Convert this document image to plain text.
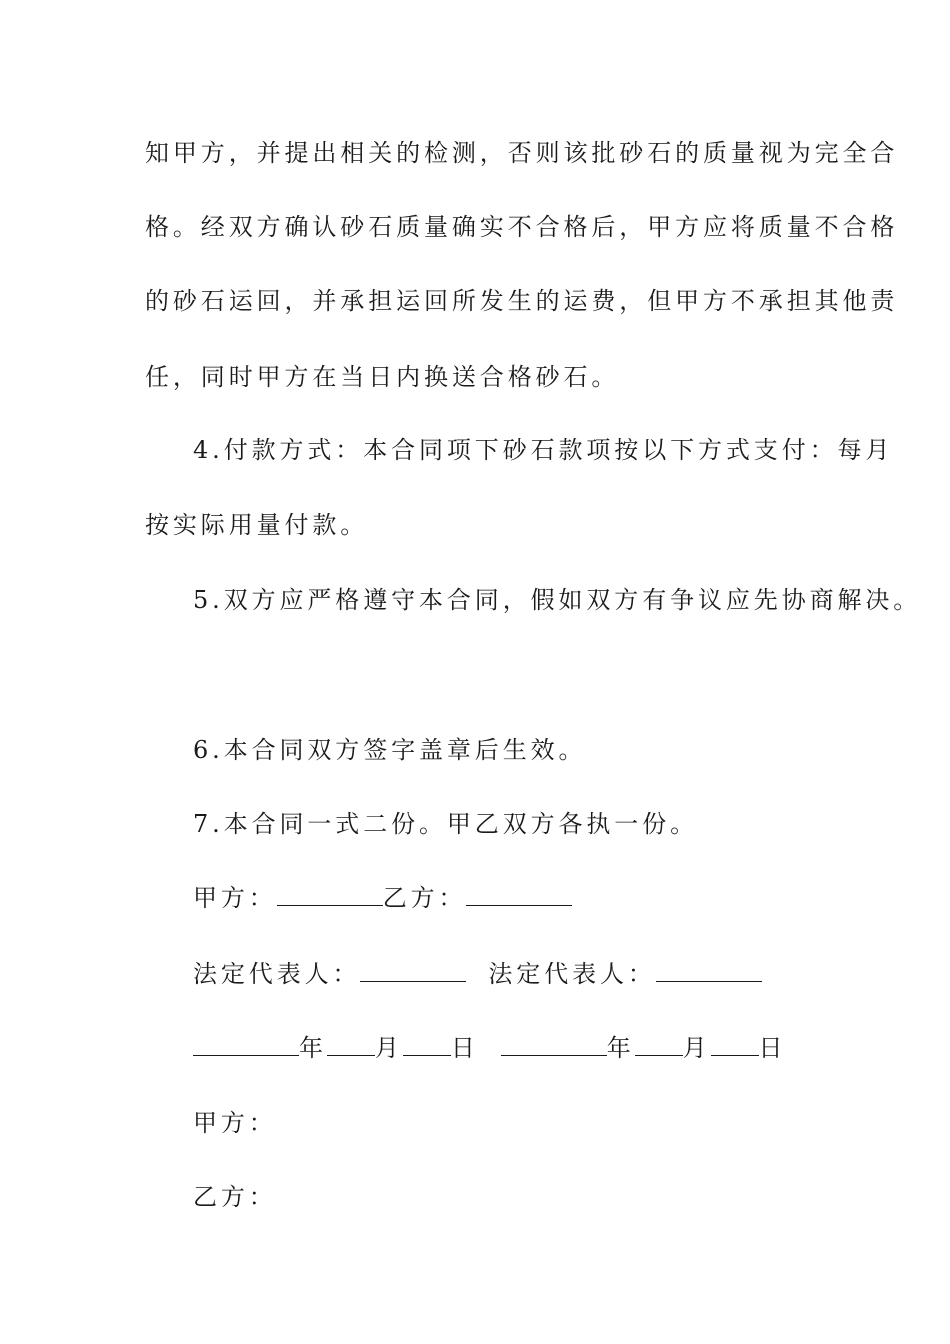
知甲方，并提出相关的检测，否则该批砂石的质量视为完全合
格。经双方确认砂石质量确实不合格后，甲方应将质量不合格
的砂石运回，并承担运回所发生的运费，但甲方不承担其他责
任，同时甲方在当日内换送合格砂石。
4.付款方式：本合同项下砂石款项按以下方式支付：每月
按实际用量付款。
5.双方应严格遵守本合同，假如双方有争议应先协商解决。
6.本合同双方签字盖章后生效。
7.本合同一式二份。甲乙双方各执一份。
甲方：	乙方：
法定代表人：	法定代表人：
年 月 日	年 月 日
甲方：
乙方：
